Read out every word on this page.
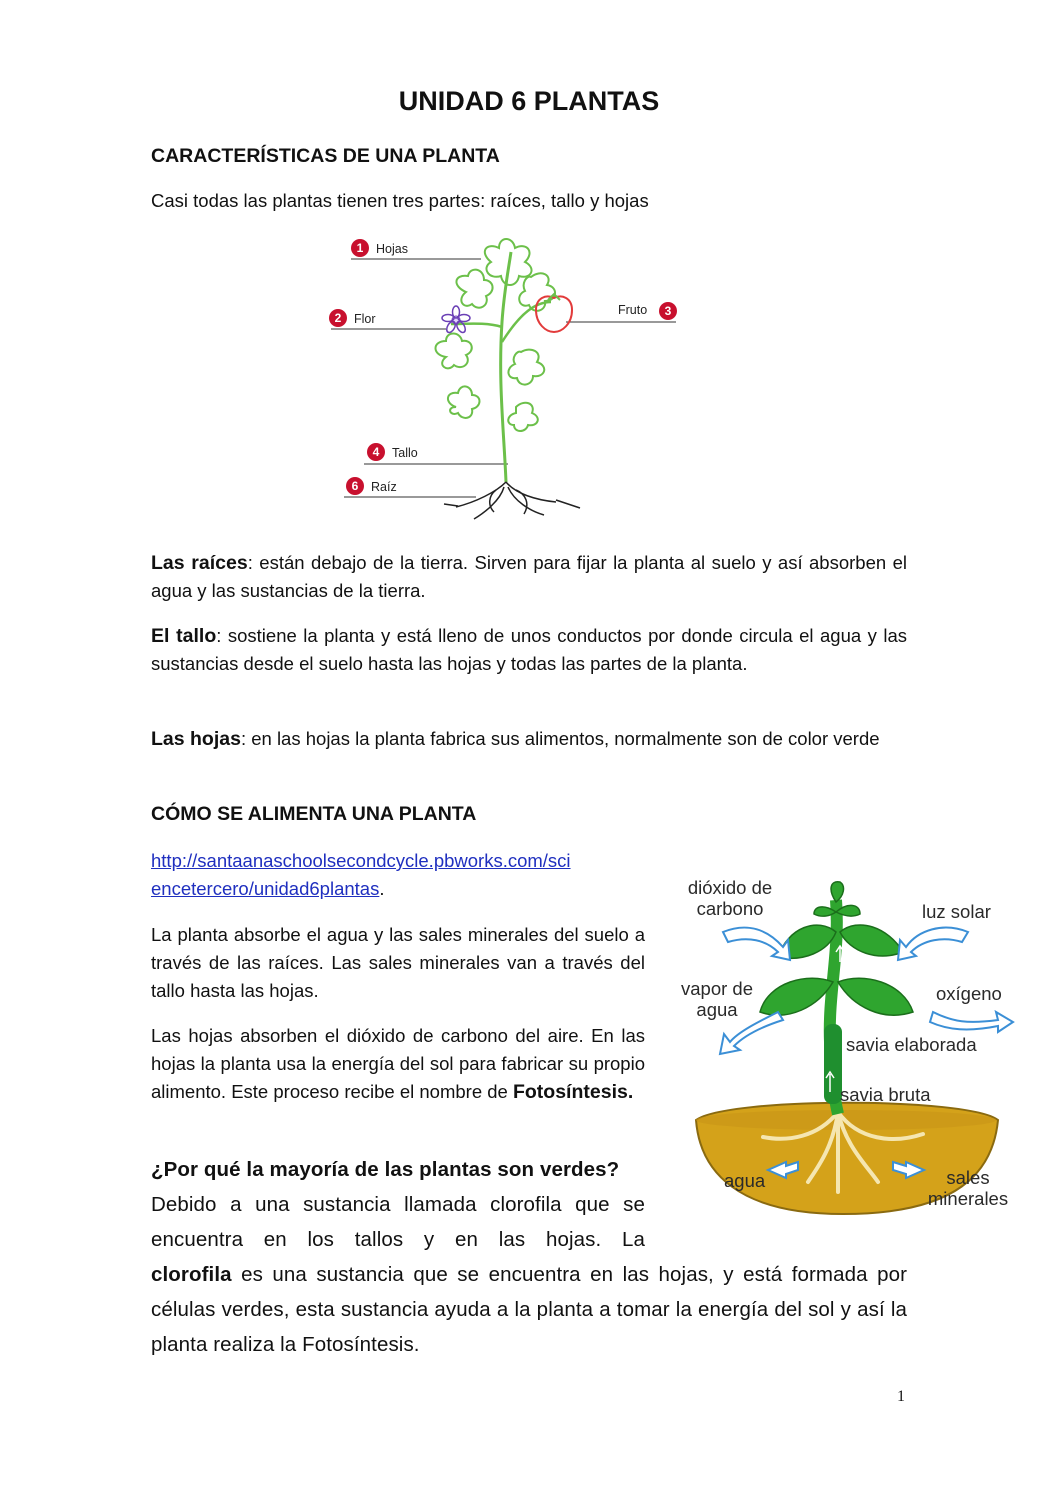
UNIDAD 6 PLANTAS
CARACTERÍSTICAS DE UNA PLANTA
Casi todas las plantas tienen tres partes: raíces, tallo y hojas
1 Hojas
2 Flor
Fruto 3
4 Tallo
6 Raíz
Las raíces: están debajo de la tierra. Sirven para fijar la planta al suelo y así absorben el agua y las sustancias de la tierra.
El tallo: sostiene la planta y está lleno de unos conductos por donde circula el agua y las sustancias desde el suelo hasta las hojas y todas las partes de la planta.
Las hojas: en las hojas la planta fabrica sus alimentos, normalmente son de color verde
CÓMO SE ALIMENTA UNA PLANTA
http://santaanaschoolsecondcycle.pbworks.com/sci
encetercero/unidad6plantas.
La planta absorbe el agua y las sales minerales del suelo a través de las raíces. Las sales minerales van a través del tallo hasta las hojas.
Las hojas absorben el dióxido de carbono del aire. En las hojas la planta usa la energía del sol para fabricar su propio alimento. Este proceso recibe el nombre de Fotosíntesis.
dióxido de
carbono	luz solar
vapor de
agua
oxígeno
savia elaborada
savia bruta
agua	sales
minerales
¿Por qué la mayoría de las plantas son verdes?
Debido a una sustancia llamada clorofila que se
encuentra en los tallos y en las hojas. La
clorofila es una sustancia que se encuentra en las hojas, y está formada por células verdes, esta sustancia ayuda a la planta a tomar la energía del sol y así la planta realiza la Fotosíntesis.
1
